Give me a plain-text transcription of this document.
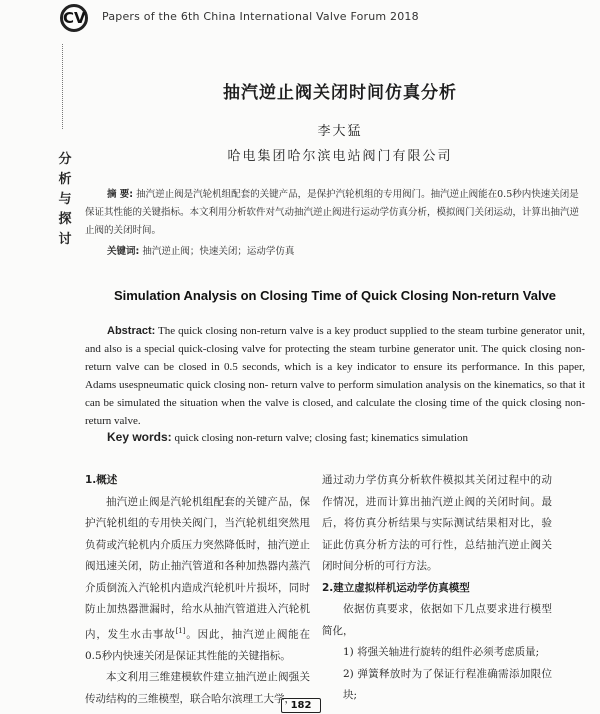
CV Papers of the 6th China International Valve Forum 2018
分
析
与
探
讨
抽汽逆止阀关闭时间仿真分析
李大猛
哈电集团哈尔滨电站阀门有限公司
摘 要: 抽汽逆止阀是汽轮机组配套的关键产品，是保护汽轮机组的专用阀门。抽汽逆止阀能在0.5秒内快速关闭是保证其性能的关键指标。本文利用分析软件对气动抽汽逆止阀进行运动学仿真分析，模拟阀门关闭运动，计算出抽汽逆止阀的关闭时间。
关键词: 抽汽逆止阀；快速关闭；运动学仿真
Simulation Analysis on Closing Time of Quick Closing Non-return Valve
Abstract: The quick closing non-return valve is a key product supplied to the steam turbine generator unit, and also is a special quick-closing valve for protecting the steam turbine generator unit. The quick closing non-return valve can be closed in 0.5 seconds, which is a key indicator to ensure its performance. In this paper, Adams usespneumatic quick closing non- return valve to perform simulation analysis on the kinematics, so that it can be simulated the situation when the valve is closed, and calculate the closing time of the quick closing non-return valve.
Key words: quick closing non-return valve; closing fast; kinematics simulation
1.概述

抽汽逆止阀是汽轮机组配套的关键产品，保护汽轮机组的专用快关阀门，当汽轮机组突然甩负荷或汽轮机内介质压力突然降低时，抽汽逆止阀迅速关闭，防止抽汽管道和各种加热器内蒸汽介质倒流入汽轮机内造成汽轮机叶片损坏，同时防止加热器泄漏时，给水从抽汽管道进入汽轮机内，发生水击事故[1]。因此，抽汽逆止阀能在0.5秒内快速关闭是保证其性能的关键指标。

本文利用三维建模软件建立抽汽逆止阀强关传动结构的三维模型，联合哈尔滨理工大学，

通过动力学仿真分析软件模拟其关闭过程中的动作情况，进而计算出抽汽逆止阀的关闭时间。最后，将仿真分析结果与实际测试结果相对比，验证此仿真分析方法的可行性，总结抽汽逆止阀关闭时间分析的可行方法。

2.建立虚拟样机运动学仿真模型

依据仿真要求，依据如下几点要求进行模型简化，

1) 将强关轴进行旋转的组件必须考虑质量;

2) 弹簧释放时为了保证行程准确需添加限位块;

182
